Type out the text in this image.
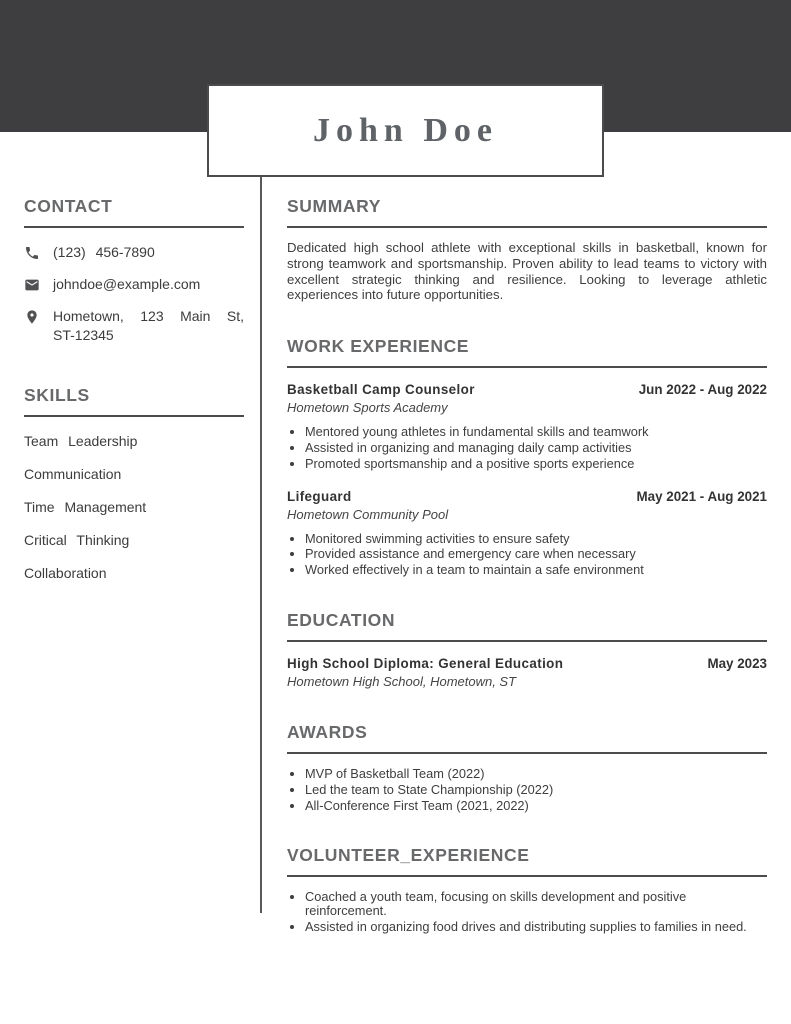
John Doe
CONTACT
(123) 456-7890
johndoe@example.com
Hometown, 123 Main St, ST-12345
SKILLS
Team Leadership
Communication
Time Management
Critical Thinking
Collaboration
SUMMARY

Dedicated high school athlete with exceptional skills in basketball, known for strong teamwork and sportsmanship. Proven ability to lead teams to victory with excellent strategic thinking and resilience. Looking to leverage athletic experiences into future opportunities.

WORK EXPERIENCE
Basketball Camp Counselor	Jun 2022 - Aug 2022
Hometown Sports Academy
• Mentored young athletes in fundamental skills and teamwork
• Assisted in organizing and managing daily camp activities
• Promoted sportsmanship and a positive sports experience
Lifeguard	May 2021 - Aug 2021
Hometown Community Pool
• Monitored swimming activities to ensure safety
• Provided assistance and emergency care when necessary
• Worked effectively in a team to maintain a safe environment
EDUCATION
High School Diploma: General Education	May 2023
Hometown High School, Hometown, ST
AWARDS
• MVP of Basketball Team (2022)
• Led the team to State Championship (2022)
• All-Conference First Team (2021, 2022)
VOLUNTEER_EXPERIENCE
• Coached a youth team, focusing on skills development and positive reinforcement.
• Assisted in organizing food drives and distributing supplies to families in need.
